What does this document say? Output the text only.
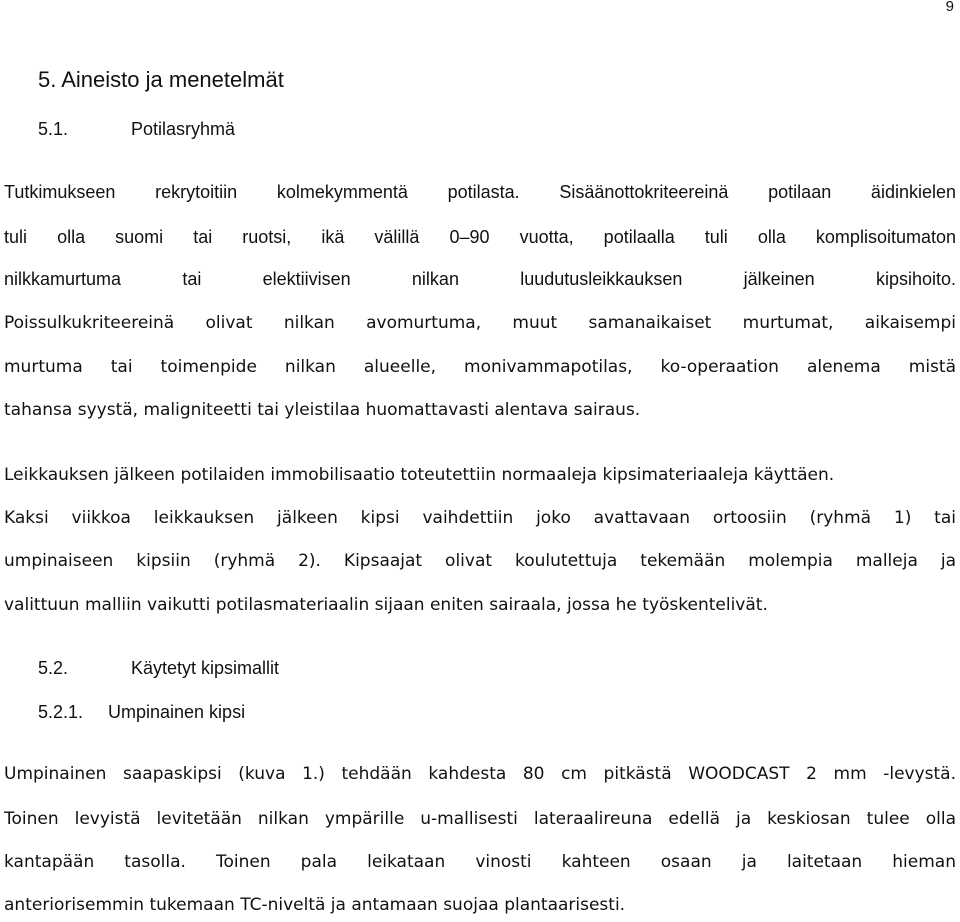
9
5. Aineisto ja menetelmät
5.1.	Potilasryhmä
Tutkimukseen rekrytoitiin kolmekymmentä potilasta. Sisäänottokriteereinä potilaan äidinkielen
tuli olla suomi tai ruotsi, ikä välillä 0–90 vuotta, potilaalla tuli olla komplisoitumaton
nilkkamurtuma tai elektiivisen nilkan luudutusleikkauksen jälkeinen kipsihoito.
Poissulkukriteereinä olivat nilkan avomurtuma, muut samanaikaiset murtumat, aikaisempi
murtuma tai toimenpide nilkan alueelle, monivammapotilas, ko-operaation alenema mistä
tahansa syystä, maligniteetti tai yleistilaa huomattavasti alentava sairaus.
Leikkauksen jälkeen potilaiden immobilisaatio toteutettiin normaaleja kipsimateriaaleja käyttäen.
Kaksi viikkoa leikkauksen jälkeen kipsi vaihdettiin joko avattavaan ortoosiin (ryhmä 1) tai
umpinaiseen kipsiin (ryhmä 2). Kipsaajat olivat koulutettuja tekemään molempia malleja ja
valittuun malliin vaikutti potilasmateriaalin sijaan eniten sairaala, jossa he työskentelivät.
5.2.	Käytetyt kipsimallit
5.2.1. Umpinainen kipsi
Umpinainen saapaskipsi (kuva 1.) tehdään kahdesta 80 cm pitkästä WOODCAST 2 mm -levystä.
Toinen levyistä levitetään nilkan ympärille u-mallisesti lateraalireuna edellä ja keskiosan tulee olla
kantapään tasolla. Toinen pala leikataan vinosti kahteen osaan ja laitetaan hieman
anteriorisemmin tukemaan TC-niveltä ja antamaan suojaa plantaarisesti.
